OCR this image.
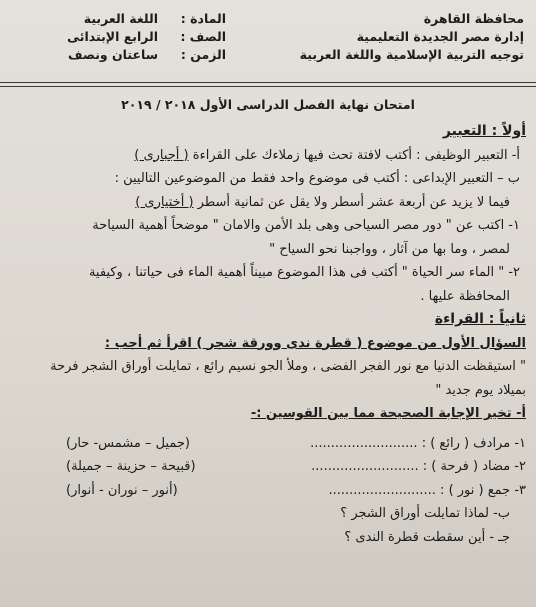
محافظة القاهرة
إدارة مصر الجديدة التعليمية
توجيه التربية الإسلامية واللغة العربية
المادة :
اللغة العربية
الصف :
الرابع الإبتدائى
الزمن :
ساعتان ونصف
امتحان نهاية الفصل الدراسى الأول ٢٠١٨ / ٢٠١٩
أولاً : التعبير
أ- التعبير الوظيفى : أكتب لافتة تحث فيها زملاءك على القراءة ( أجبارى )
ب – التعبير الإبداعى : أكتب فى موضوع واحد فقط من الموضوعين التاليين :
فيما لا يزيد عن أربعة عشر أسطر ولا يقل عن ثمانية أسطر ( أختيارى )
١- اكتب عن " دور مصر السياحى وهى بلد الأمن والامان " موضحاً أهمية السياحة
لمصر ، وما بها من آثار ، وواجبنا نحو السياح "
٢- " الماء سر الحياة " أكتب فى هذا الموضوع مبيناً أهمية الماء فى حياتنا ، وكيفية
المحافظة عليها .
ثانياً : القراءة
السؤال الأول من موضوع ( قطرة ندى وورقة شجر ) اقرأ ثم أجب :
" استيقظت الدنيا مع نور الفجر الفضى ، وملأ الجو نسيم رائع ، تمايلت أوراق الشجر فرحة
بميلاد يوم جديد "
أ- تخير الإجابة الصحيحة مما بين القوسين :-
١- مرادف ( رائع ) : ..........................
(جميل – مشمس- حار)
٢- مضاد ( فرحة ) : ..........................
(قبيحة – حزينة – جميلة)
٣- جمع ( نور ) : ..........................
(أنور – نوران - أنوار)
ب- لماذا تمايلت أوراق الشجر ؟
جـ - أين سقطت قطرة الندى ؟
